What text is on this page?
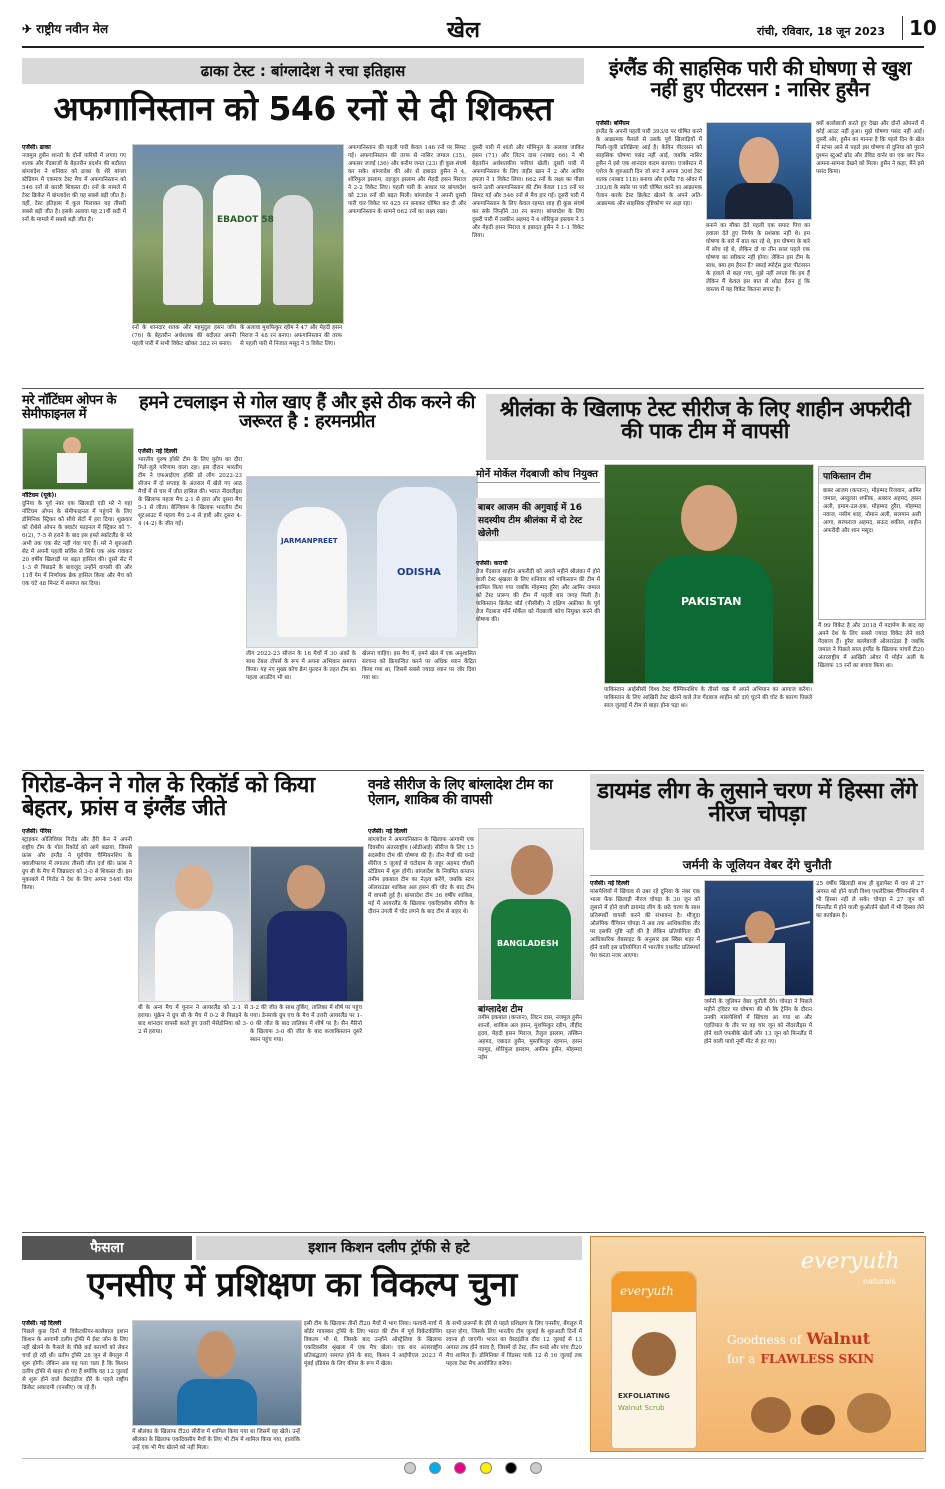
✈ राष्ट्रीय नवीन मेल	खेल	रांची, रविवार, 18 जून 2023	10
ढाका टेस्ट : बांग्लादेश ने रचा इतिहास
अफगानिस्तान को 546 रनों से दी शिकस्त
एजेंसी। ढाका
नजमुल हुसैन शान्तो के दोनों पारियों में लगाए गए शतक और गेंदबाजों के बेहतरीन प्रदर्शन की बदौलत बांग्लादेश ने शनिवार को ढाका के शेरे बांग्ला स्टेडियम में एकमात्र टेस्ट मैच में अफगानिस्तान को 546 रनों से करारी शिकस्त दी। रनों के मामले में टेस्ट क्रिकेट में बांग्लादेश की यह सबसे बड़ी जीत है। वहीं, टेस्ट इतिहास में कुल मिलाकर यह तीसरी सबसे बड़ी जीत है। इसके अलावा यह 21वीं सदी में रनों के मामले में सबसे बड़ी जीत है।	EBADOT 58
रनों के शानदार शतक और महमुदुल हसन जॉय (76) के बेहतरीन अर्धशतक की बदौलत अपनी पहली पारी में सभी विकेट खोकर 382 रन बनाए।
के अलावा मुशफिकुर रहीम ने 47 और मेहदी हसन मिराज ने 48 रन बनाए। अफगानिस्तान की तरफ से पहली पारी में निजात मसूद ने 5 विकेट लिए।
अफगानिस्तान की पहली पारी केवल 146 रनों पर सिमट गई। अफगानिस्तान की तरफ से नासिर जमाल (35), अफसर जजई (36) और करीम जनत (23) ही कुछ संघर्ष कर सके। बांग्लादेश की ओर से इबादत हुसैन ने 4, शोरिफुल इस्लाम, तइजुल इस्लाम और मेहदी हसन मिराज ने 2-2 विकेट लिए। पहली पारी के आधार पर बांग्लादेश को 236 रनों की बढ़त मिली। बांग्लादेश ने अपनी दूसरी पारी चार विकेट पर 425 रन बनाकर घोषित कर दी और अफगानिस्तान के सामने 662 रनों का लक्ष्य रखा।
दूसरी पारी में शांतो और मोमिनुल के अलावा जाकिर हसन (71) और लिटन दास (नाबाद 66) ने भी बेहतरीन अर्धशतकीय पारियां खेलीं। दूसरी पारी में अफगानिस्तान के लिए जहीर खान ने 2 और आमिर हमजा ने 1 विकेट लिया। 662 रनों के लक्ष्य का पीछा करने उतरी अफगानिस्तान की टीम केवल 115 रनों पर सिमट गई और 546 रनों से मैच हार गई। दूसरी पारी में अफगानिस्तान के लिए केवल रहमत शाह ही कुछ संघर्ष कर सके जिन्होंने 30 रन बनाए। बांग्लादेश के लिए दूसरी पारी में तस्कीन अहमद ने 4 शोरिफुल इस्लाम ने 3 और मेहदी हसन मिराज व इबादत हुसैन ने 1-1 विकेट लिया।
इंग्लैंड की साहसिक पारी की घोषणा से खुश नहीं हुए पीटरसन : नासिर हुसैन
एजेंसी। बर्मिंघम
इंग्लैंड के अपनी पहली पारी 393/8 पर घोषित करने के आक्रामक फैसले से उसके पूर्व खिलाड़ियों में मिली-जुली प्रतिक्रिया आई है। केविन पीटरसन को साहसिक घोषणा पसंद नहीं आई, जबकि नासिर हुसैन ने इसे एक शानदार कदम बताया। एजबेस्टन में एशेज के शुरुआती दिन जो रूट ने अपना 30वां टेस्ट शतक (नाबाद 118) बनाया और इंग्लैंड 78 ओवर में 393/8 के स्कोर पर पारी घोषित करने का आक्रामक ऐलान करके टेस्ट क्रिकेट खेलने के अपने अति-आक्रामक और साहसिक दृष्टिकोण पर अड़ा रहा।
बनाने का मौका देते पहली एक सपाट पिच का हवाला देते हुए निर्णय के प्रशंसक नहीं थे। हम घोषणा के बारे में बात कर रहे थे, हम घोषणा के बारे में सोच रहे थे, लेकिन दो या तीन साल पहले एक घोषणा का स्वीकार नहीं होगा। लेकिन इस टीम के साथ, क्या हम हैरान हैं? स्काई स्पोर्ट्स द्वारा पीटरसन के हवाले से कहा गया, मुझे नहीं लगता कि हम हैं लेकिन मैं केवल इस बात से थोड़ा हैरान हूं कि वास्तव में यह विकेट कितना सपाट है।
क्यों बल्लेबाजी करते हुए देखा और दोनों ओपनरों में कोई आउट नहीं हुआ। मुझे घोषणा पसंद नहीं आई। दूसरी ओर, हुसैन का मानना है कि पहले दिन के खेल में स्टंप्स आने से पहले इस घोषणा से दुनिया को पुराने दुश्मन स्टुअर्ट ब्रॉड और डेविड वार्नर का एक बार फिर आमना-सामना देखने को मिला। हुसैन ने कहा, मैंने इसे पसंद किया।
मरे नॉटिंघम ओपन के सेमीफाइनल में
नॉटिंघम (यूके)।
दुनिया के पूर्व नंबर एक खिलाड़ी एंडी मरे ने यहां नॉटिंघम ओपन के सेमीफाइनल में पहुंचने के लिए डोमिनिक स्ट्रिकर को सीधे सेटों में हरा दिया। शुक्रवार को रोथेसे ओपन के क्वार्टर फाइनल में स्ट्रिकर को 7-6(2), 7-5 से हराने के बाद इस हफ्ते स्कॉटलैंड के मरे अभी तक एक सेट नहीं गंवा पाए हैं। मरे ने शुरुआती सेट में अपनी पहली सर्विस से सिर्फ एक अंक गंवाकर 20 वर्षीय खिलाड़ी पर बढ़त हासिल की। दूसरे सेट में 1-3 से पिछड़ने के बावजूद उन्होंने वापसी की और 11वें गेम में निर्णायक ब्रेक हासिल किया और मैच को एक घंटे 48 मिनट में समाप्त कर दिया।
हमने टचलाइन से गोल खाए हैं और इसे ठीक करने की जरूरत है : हरमनप्रीत
एजेंसी। नई दिल्ली
भारतीय पुरुष हॉकी टीम के लिए यूरोप का दौरा मिले-जुले परिणाम वाला रहा। इस दौरान भारतीय टीम ने एफआईएच हॉकी प्रो लीग 2022-23 सीजन में दो सप्ताह के अंतराल में खेले गए आठ मैचों में से चार में जीत हासिल की। भारत नीदरलैंड्स के खिलाफ पहला मैच 2-1 से हारा और दूसरा मैच 5-1 से जीता। बेल्जियम के खिलाफ भारतीय टीम शूटआउट में पहला मैच 2-4 से हारी और दूसरा 4-4 (4-2) के जीत गई।
JARMANPREET
ODISHA
लीग 2022-23 सीजन के 16 मैचों में 30 अंकों के साथ टेबल टॉपर्स के रूप में अपना अभियान समाप्त किया। यह नए मुख्य कोच क्रेग फुल्टन के तहत टीम का पहला आउटिंग भी था।
खेलना चाहिए। इस मैच में, हमने खेल में एक अनुशासित संरचना को क्रियान्वित करने पर अधिक ध्यान केंद्रित किया गया था, जिसमें सबसे ज्यादा ध्यान पर जोर दिया गया था।
श्रीलंका के खिलाफ टेस्ट सीरीज के लिए शाहीन अफरीदी की पाक टीम में वापसी
मोर्ने मोर्केल गेंदबाजी कोच नियुक्त
बाबर आजम की अगुवाई में 16 सदस्यीय टीम श्रीलंका में दो टेस्ट खेलेगी
एजेंसी। कराची
तेज गेंदबाज शाहीन अफरीदी को अगले महीने श्रीलंका में होने वाली टेस्ट श्रृंखला के लिए शनिवार को पाकिस्तान की टीम में शामिल किया गया जबकि मोहम्मद हुरैरा और आमिर जमाल को टेस्ट प्रारूप की टीम में पहली बार जगह मिली है। पाकिस्तान क्रिकेट बोर्ड (पीसीबी) ने दक्षिण अफ्रीका के पूर्व तेज गेंदबाज मोर्ने मोर्केल को गेंदबाजी कोच नियुक्त करने की घोषणा की।
PAKISTAN
पाकिस्तान आईसीसी विश्व टेस्ट चैम्पियनशिप के तीसरे चक्र में अपने अभियान का आगाज करेगा। पाकिस्तान के लिए आखिरी टेस्ट खेलने वाले तेज गेंदबाज शाहीन को दाएं घुटने की चोट के कारण पिछले साल जुलाई में टीम से बाहर होना पड़ा था।
पाकिस्तान टीम
बाबर आजम (कप्तान), मोहम्मद रिजवान, आमिर जमाल, अब्दुल्ला शफीक, अबरार अहमद, हसन अली, इमाम-उल-हक, मोहम्मद हुरैरा, मोहम्मद नवाज, नसीम शाह, नोमान अली, सलमान अली आगा, सरफराज अहमद, सऊद शकील, शाहीन अफरीदी और शान मसूद।
मैं 99 विकेट है और 2018 में पदार्पण के बाद वह अपने देश के लिए सबसे ज्यादा विकेट लेने वाले गेंदबाज हैं। हुरैरा बल्लेबाजी ऑलराउंडर है जबकि जमाल ने पिछले साल इंग्लैंड के खिलाफ पांचवें टी20 अंतरराष्ट्रीय में आखिरी ओवर में मोईन अली के खिलाफ 15 रनों का बचाव किया था।
गिरोड-केन ने गोल के रिकॉर्ड को किया बेहतर, फ्रांस व इंग्लैंड जीते
एजेंसी। पेरिस
स्ट्राइकर ओलिवियर गिरोड और हैरी केन ने अपनी राष्ट्रीय टीम के गोल रिकॉर्ड को आगे बढ़ाया, जिससे फ्रांस और इंग्लैंड ने यूरोपीय चैम्पियनशिप के क्वालीफायर में लगातार तीसरी जीत दर्ज की। फ्रांस ने ग्रुप बी के मैच में जिब्राल्टर को 3-0 से शिकस्त दी। इस मुकाबले में गिरोड ने देश के लिए अपना 54वां गोल किया।
बी के अन्य मैच में यूनान ने आयरलैंड को 2-1 से हराया। यूक्रेन ने ग्रुप सी के मैच में 0-2 से पिछड़ने के बाद शानदार वापसी करते हुए उत्तरी मेसेडोनिया को 3-2 से हराया।
3-2 की जीत के साथ तुर्किए, तालिका में शीर्ष पर पहुंच गया। डेनमार्क ग्रुप एच के मैच में उत्तरी आयरलैंड पर 1-0 की जीत के बाद तालिका में शीर्ष पर है। सैन मैरिनो के खिलाफ 3-0 की जीत के बाद कजाकिस्तान दूसरे स्थान पहुंच गया।
वनडे सीरीज के लिए बांग्लादेश टीम का ऐलान, शाकिब की वापसी
एजेंसी। नई दिल्ली
बांग्लादेश ने अफगानिस्तान के खिलाफ आगामी एक दिवसीय अंतरराष्ट्रीय (ओडीआई) सीरीज के लिए 15 सदस्यीय टीम की घोषणा की है। तीन मैचों की वनडे सीरीज 5 जुलाई से चटोग्राम के जहूर अहमद चौधरी स्टेडियम में शुरू होगी। बांग्लादेश के नियमित कप्तान तमीम इकबाल टीम का नेतृत्व करेंगे, जबकि स्टार ऑलराउंडर शाकिब अल हसन की चोट के बाद टीम में वापसी हुई है। बांग्लादेश टीम 36 वर्षीय शाकिब, मई में आयरलैंड के खिलाफ एकदिवसीय सीरीज के दौरान उंगली में चोट लगने के बाद टीम से बाहर थे।
BANGLADESH
बांग्लादेश टीम
तमीम इकबाल (कप्तान), लिटन दास, नजमुल हुसैन शान्तो, शाकिब अल हसन, मुशफिकुर रहीम, तौहीद हृदय, मेहदी हसन मिराज, तैजुल इस्लाम, तस्किन अहमद, एबादत हुसैन, मुस्तफिजुर रहमान, हसन महमूद, शोरिफुल इस्लाम, अफीफ हुसैन, मोहम्मद नईम
डायमंड लीग के लुसाने चरण में हिस्सा लेंगे नीरज चोपड़ा
जर्मनी के जूलियन वेबर देंगे चुनौती
एजेंसी। नई दिल्ली
मांसपेशियों में खिंचाव से उबर रहे दुनिया के नंबर एक भाला फेंक खिलाड़ी नीरज चोपड़ा के 30 जून को लुसाने में होने वाली डायमंड लीग के छठे चरण के साथ प्रतिस्पर्धी वापसी करने की संभावना है। मौजूदा ओलंपिक चैंपियन चोपड़ा ने अब तक आधिकारिक तौर पर इसकी पुष्टि नहीं की है लेकिन प्रतियोगिता की आधिकारिक वेबसाइट के अनुसार इस स्विस शहर में होने वाली इस प्रतियोगिता में भारतीय एथलीट प्रतिस्पर्धा पेश करता नजर आएगा।
जर्मनी के जूलियन वेबर चुनौती देंगे। चोपड़ा ने पिछले महीने ट्विटर पर घोषणा की थी कि ट्रेनिंग के दौरान उनकी मांसपेशियों में खिंचाव आ गया था और एहतियात के तौर पर वह चार जून को नीदरलैंड्स में होने वाले एफबीके खेलों और 13 जून को फिनलैंड में होने वाली पावो नूर्मी मीट से हट गए।
25 वर्षीय खिलाड़ी साथ ही बुडापेस्ट में चार से 27 अगस्त को होने वाली विश्व एथलेटिक्स चैंपियनशिप में भी हिस्सा नहीं ले सके। चोपड़ा ने 27 जून को फिनलैंड में होने वाली कुओर्ताने खेलों में भी हिस्सा लेने का कार्यक्रम है।
फैसला	इशान किशन दलीप ट्रॉफी से हटे
एनसीए में प्रशिक्षण का विकल्प चुना
एजेंसी। नई दिल्ली
पिछले कुछ दिनों से विकेटकीपर-बल्लेबाज इशान किशन के आगामी दलीप ट्रॉफी में ईस्ट जोन के लिए नहीं खेलने के फैसले के पीछे कई कारणों को लेकर चर्चा हो रही थी। प्रतीप ट्रॉफी 28 जून से बेंगलुरु में शुरू होगी। लेकिन अब यह पता चला है कि किशन दलीप ट्रॉफी से बाहर हो गए हैं क्योंकि वह 12 जुलाई से शुरू होने वाले वेस्टइंडीज दौरे के पहले राष्ट्रीय क्रिकेट अकादमी (एनसीए) जा रहे हैं।
में श्रीलंका के खिलाफ टी20 सीरीज में शामिल किया गया था जिसमें वह खेले। उन्हें श्रीलंका के खिलाफ एकदिवसीय मैचों के लिए भी टीम में शामिल किया गया, हालांकि उन्हें एक भी मैच खेलने को नहीं मिला।
इसी टीम के खिलाफ तीनों टी20 मैचों में भाग लिया। फरवरी-मार्च में बॉर्डर गावस्कर ट्रॉफी के लिए भारत की टीम में पूर्व विकेटकीपिंग विकल्प भी थे, जिसके बाद उन्होंने ऑस्ट्रेलिया के खिलाफ एकदिवसीय श्रृंखला में एक मैच खेला। एक बार अंतरराष्ट्रीय प्रतिबद्धताएं समाप्त होने के बाद, किशन ने आईपीएल 2023 में मुंबई इंडियंस के लिए कीपर के रूप में खेला।
के सभी प्रारूपों के दौरे से पहले प्रशिक्षण के लिए एनसीए, बेंगलुरु में रहना होगा, जिसके लिए भारतीय टीम जुलाई के शुरुआती दिनों में रवाना हो जाएगी। भारत का वेस्टइंडीज दौरा 12 जुलाई से 13 अगस्त तक होने वाला है, जिसमें दो टेस्ट, तीन वनडे और पांच टी20 मैच शामिल हैं। डोमिनिका में विंडसर पार्क 12 से 16 जुलाई तक पहला टेस्ट मैच आयोजित करेगा।
everyuth
naturals
everyuth
EXFOLIATING
Walnut Scrub
Goodness of Walnut
for a FLAWLESS SKIN
